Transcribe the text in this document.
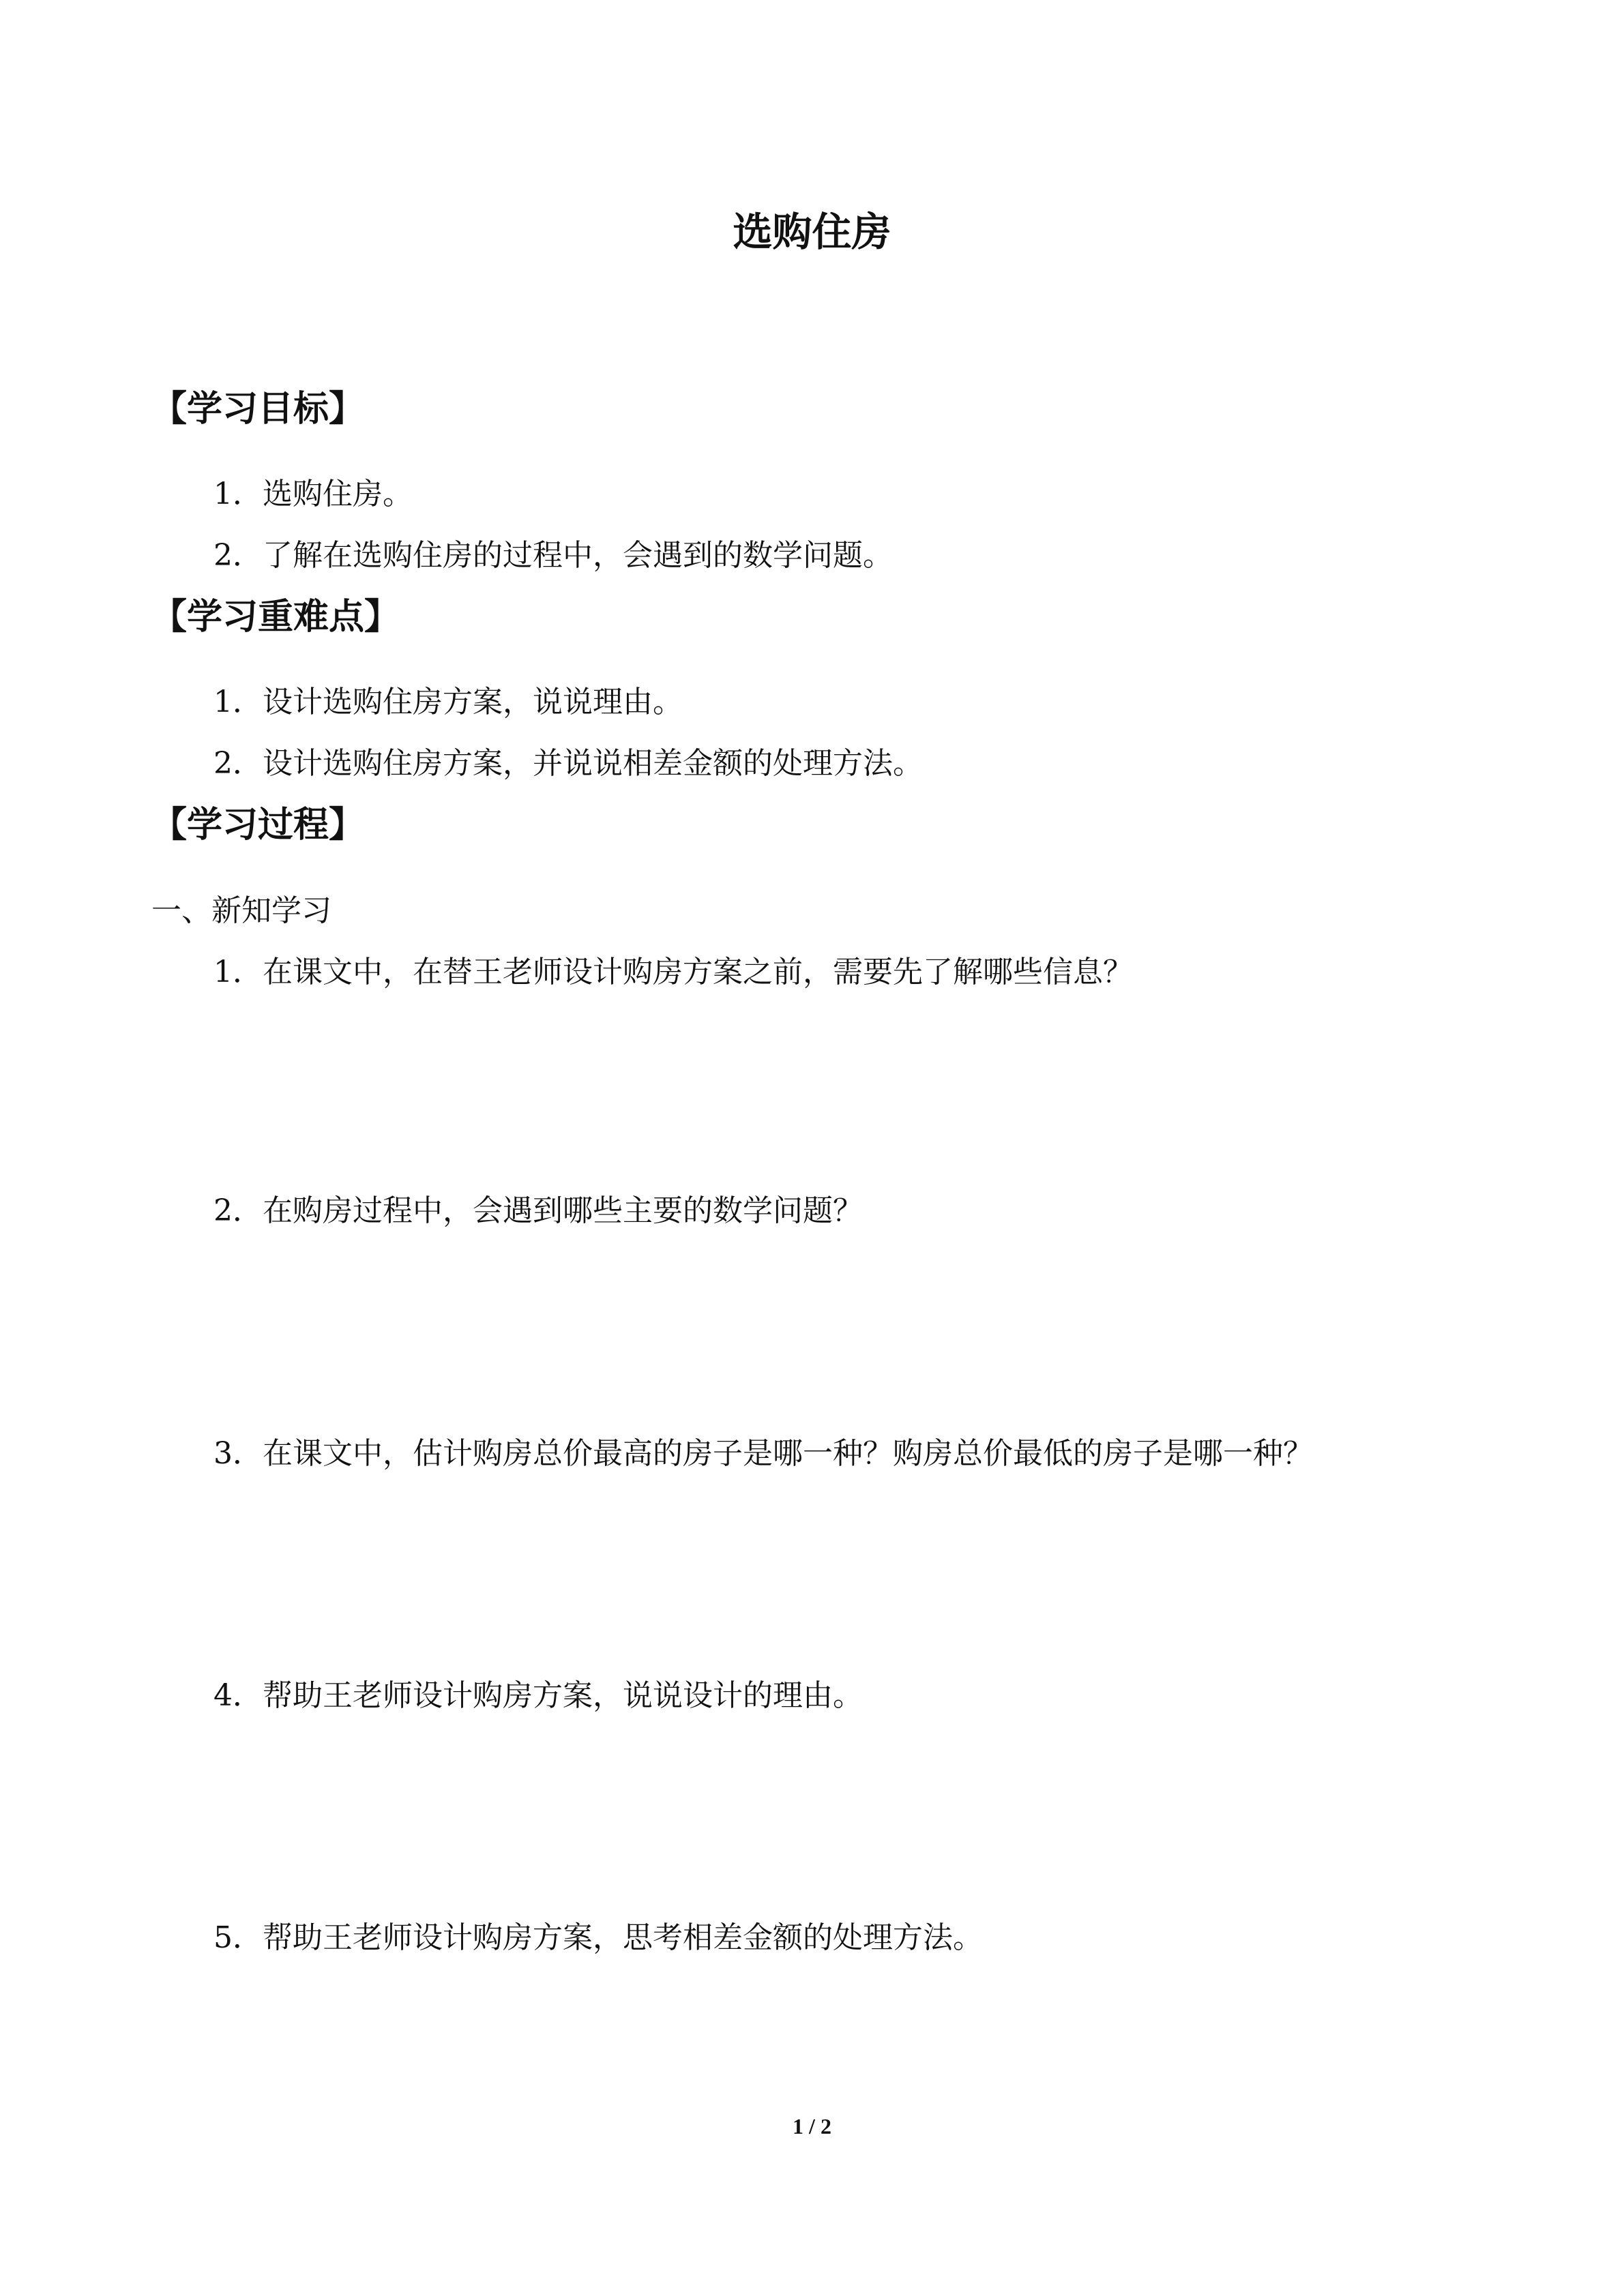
选购住房
【学习目标】
1．选购住房。
2．了解在选购住房的过程中，会遇到的数学问题。
【学习重难点】
1．设计选购住房方案，说说理由。
2．设计选购住房方案，并说说相差金额的处理方法。
【学习过程】
一、新知学习
1．在课文中，在替王老师设计购房方案之前，需要先了解哪些信息？
2．在购房过程中，会遇到哪些主要的数学问题？
3．在课文中，估计购房总价最高的房子是哪一种？购房总价最低的房子是哪一种？
4．帮助王老师设计购房方案，说说设计的理由。
5．帮助王老师设计购房方案，思考相差金额的处理方法。
1 / 2
